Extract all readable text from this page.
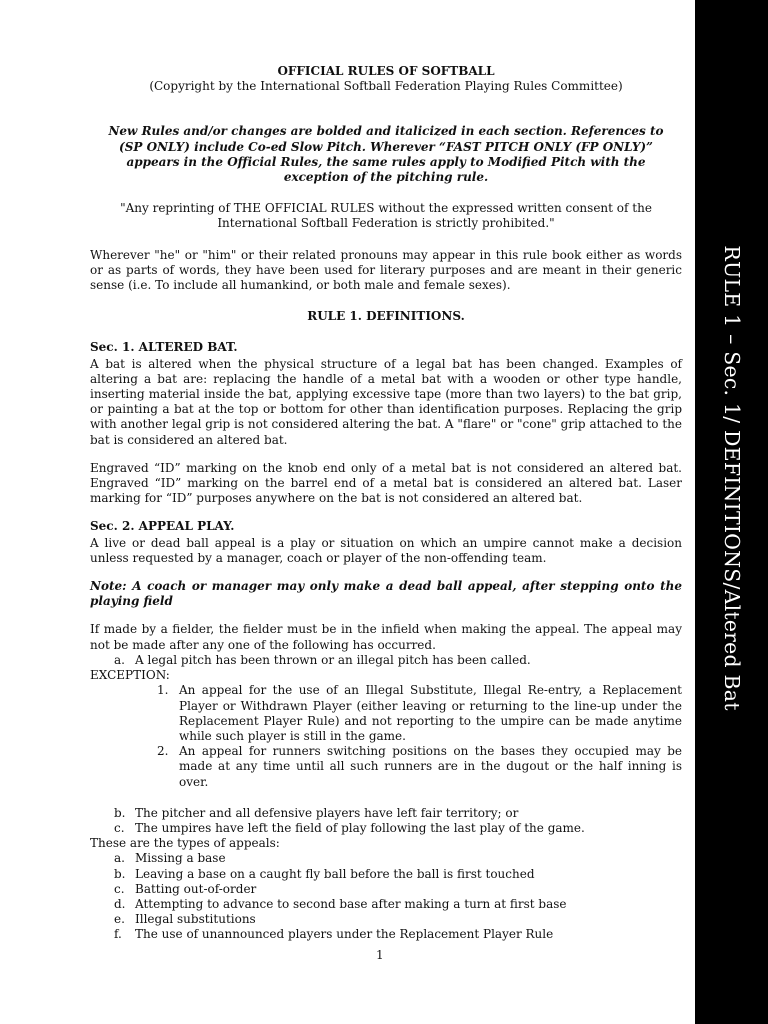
OFFICIAL RULES OF SOFTBALL

(Copyright by the International Softball Federation Playing Rules Committee)

New Rules and/or changes are bolded and italicized in each section. References to (SP ONLY) include Co-ed Slow Pitch. Wherever “FAST PITCH ONLY (FP ONLY)” appears in the Official Rules, the same rules apply to Modified Pitch with the exception of the pitching rule.

"Any reprinting of THE OFFICIAL RULES without the expressed written consent of the International Softball Federation is strictly prohibited."

Wherever "he" or "him" or their related pronouns may appear in this rule book either as words or as parts of words, they have been used for literary purposes and are meant in their generic sense (i.e. To include all humankind, or both male and female sexes).

RULE 1. DEFINITIONS.

Sec. 1. ALTERED BAT.

A bat is altered when the physical structure of a legal bat has been changed. Examples of altering a bat are: replacing the handle of a metal bat with a wooden or other type handle, inserting material inside the bat, applying excessive tape (more than two layers) to the bat grip, or painting a bat at the top or bottom for other than identification purposes. Replacing the grip with another legal grip is not considered altering the bat. A "flare" or "cone" grip attached to the bat is considered an altered bat.

Engraved “ID” marking on the knob end only of a metal bat is not considered an altered bat. Engraved “ID” marking on the barrel end of a metal bat is considered an altered bat. Laser marking for “ID” purposes anywhere on the bat is not considered an altered bat.

Sec. 2. APPEAL PLAY.

A live or dead ball appeal is a play or situation on which an umpire cannot make a decision unless requested by a manager, coach or player of the non-offending team.

Note: A coach or manager may only make a dead ball appeal, after stepping onto the playing field

If made by a fielder, the fielder must be in the infield when making the appeal. The appeal may not be made after any one of the following has occurred.

a. A legal pitch has been thrown or an illegal pitch has been called.

EXCEPTION:

1. An appeal for the use of an Illegal Substitute, Illegal Re-entry, a Replacement Player or Withdrawn Player (either leaving or returning to the line-up under the Replacement Player Rule) and not reporting to the umpire can be made anytime while such player is still in the game.
2. An appeal for runners switching positions on the bases they occupied may be made at any time until all such runners are in the dugout or the half inning is over.
b. The pitcher and all defensive players have left fair territory; or
c. The umpires have left the field of play following the last play of the game.

These are the types of appeals:

a. Missing a base
b. Leaving a base on a caught fly ball before the ball is first touched
c. Batting out-of-order
d. Attempting to advance to second base after making a turn at first base
e. Illegal substitutions
f.	The use of unannounced players under the Replacement Player Rule
1
RULE 1 – Sec. 1/ DEFINITIONS/Altered Bat
